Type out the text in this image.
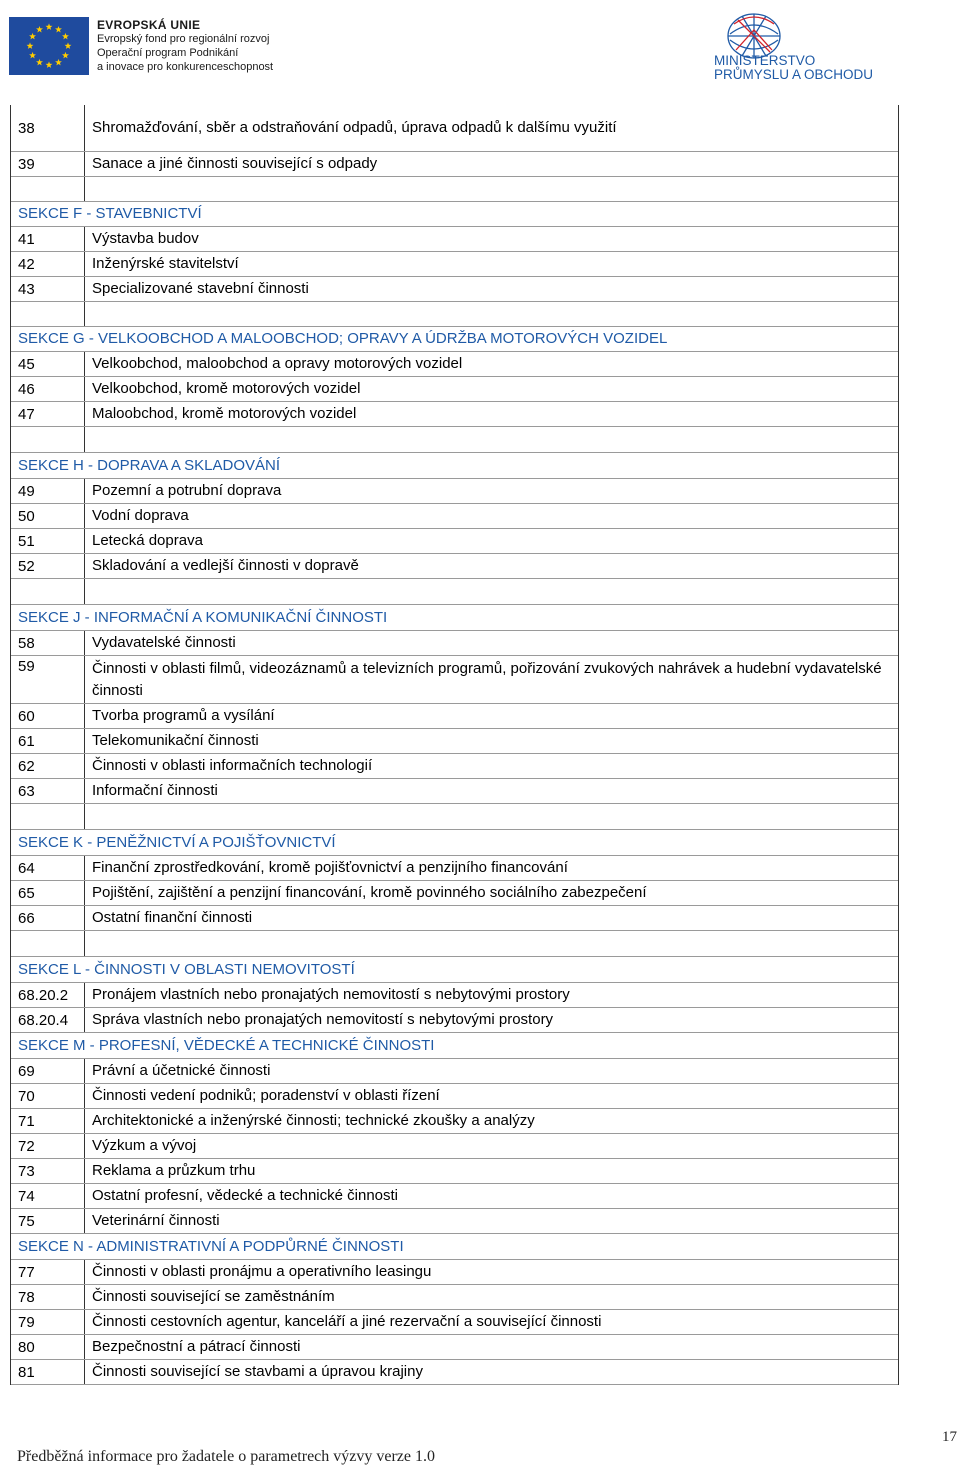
EVROPSKÁ UNIE
Evropský fond pro regionální rozvoj
Operační program Podnikání
a inovace pro konkurenceschopnost	MINISTERSTVO
PRŮMYSLU A OBCHODU
38	Shromažďování, sběr a odstraňování odpadů, úprava odpadů k dalšímu využití
39	Sanace a jiné činnosti související s odpady
SEKCE F - STAVEBNICTVÍ
41	Výstavba budov
42	Inženýrské stavitelství
43	Specializované stavební činnosti
SEKCE G - VELKOOBCHOD A MALOOBCHOD; OPRAVY A ÚDRŽBA MOTOROVÝCH VOZIDEL
45	Velkoobchod, maloobchod a opravy motorových vozidel
46	Velkoobchod, kromě motorových vozidel
47	Maloobchod, kromě motorových vozidel
SEKCE H - DOPRAVA A SKLADOVÁNÍ
49	Pozemní a potrubní doprava
50	Vodní doprava
51	Letecká doprava
52	Skladování a vedlejší činnosti v dopravě
SEKCE J - INFORMAČNÍ A KOMUNIKAČNÍ ČINNOSTI
58	Vydavatelské činnosti
59	Činnosti v oblasti filmů, videozáznamů a televizních programů, pořizování zvukových nahrávek a hudební vydavatelské činnosti
60	Tvorba programů a vysílání
61	Telekomunikační činnosti
62	Činnosti v oblasti informačních technologií
63	Informační činnosti
SEKCE K - PENĚŽNICTVÍ A POJIŠŤOVNICTVÍ
64	Finanční zprostředkování, kromě pojišťovnictví a penzijního financování
65	Pojištění, zajištění a penzijní financování, kromě povinného sociálního zabezpečení
66	Ostatní finanční činnosti
SEKCE L - ČINNOSTI V OBLASTI NEMOVITOSTÍ
68.20.2	Pronájem vlastních nebo pronajatých nemovitostí s nebytovými prostory
68.20.4	Správa vlastních nebo pronajatých nemovitostí s nebytovými prostory
SEKCE M - PROFESNÍ, VĚDECKÉ A TECHNICKÉ ČINNOSTI
69	Právní a účetnické činnosti
70	Činnosti vedení podniků; poradenství v oblasti řízení
71	Architektonické a inženýrské činnosti; technické zkoušky a analýzy
72	Výzkum a vývoj
73	Reklama a průzkum trhu
74	Ostatní profesní, vědecké a technické činnosti
75	Veterinární činnosti
SEKCE N - ADMINISTRATIVNÍ A PODPŮRNÉ ČINNOSTI
77	Činnosti v oblasti pronájmu a operativního leasingu
78	Činnosti související se zaměstnáním
79	Činnosti cestovních agentur, kanceláří a jiné rezervační a související činnosti
80	Bezpečnostní a pátrací činnosti
81	Činnosti související se stavbami a úpravou krajiny
Předběžná informace pro žadatele o parametrech výzvy verze 1.0
17
